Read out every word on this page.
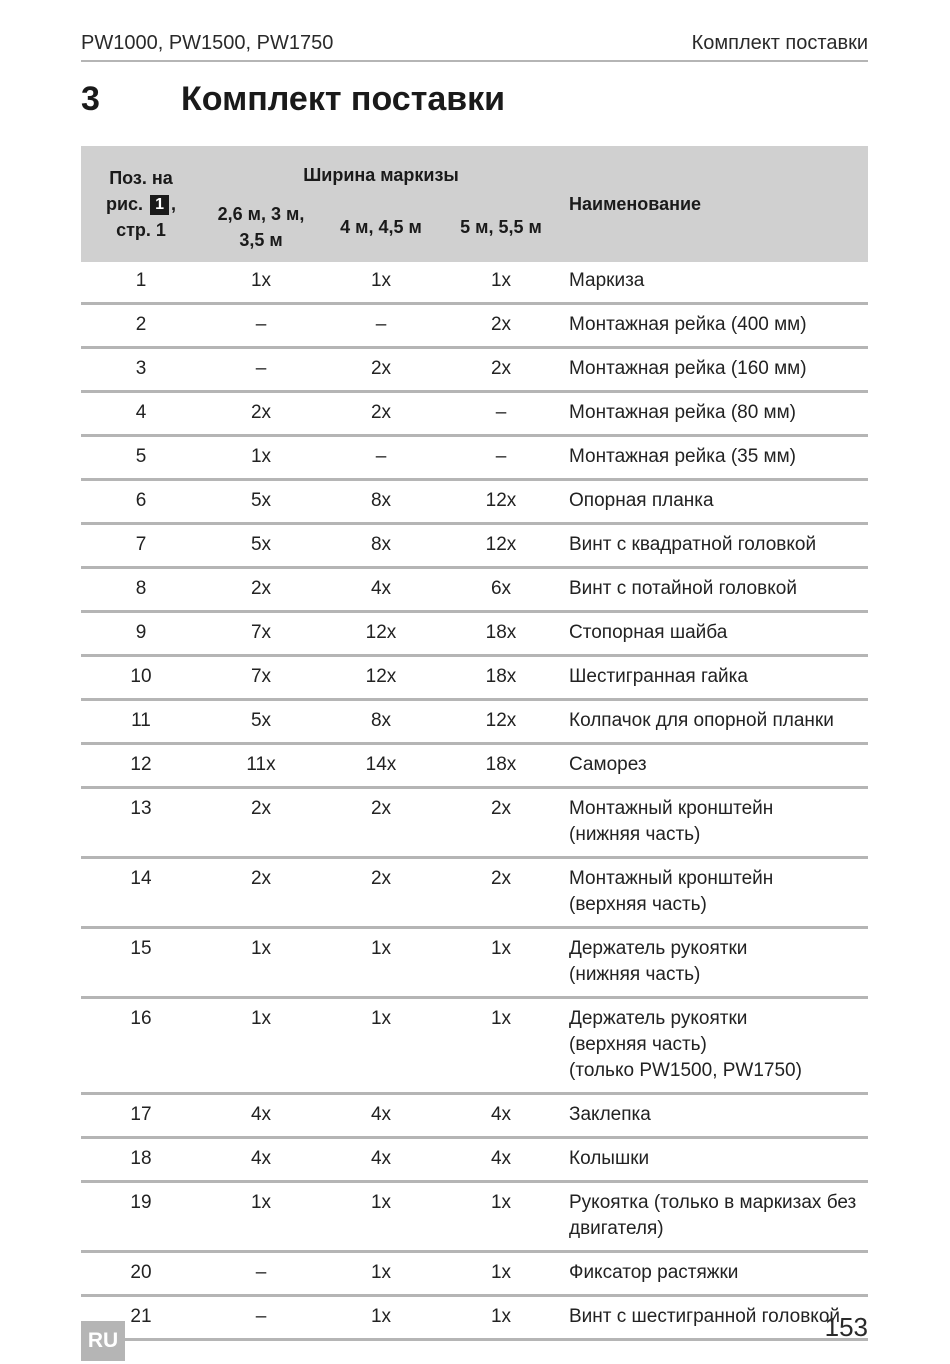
PW1000, PW1500, PW1750	Комплект поставки
3	Комплект поставки
Поз. на
рис. 1 ,
стр. 1	Ширина маркизы			Наименование
	2,6 м, 3 м,
3,5 м	4 м, 4,5 м	5 м, 5,5 м	
1	1x	1x	1x	Маркиза

2	–	–	2x	Монтажная рейка (400 мм)

3	–	2x	2x	Монтажная рейка (160 мм)

4	2x	2x	–	Монтажная рейка (80 мм)

5	1x	–	–	Монтажная рейка (35 мм)

6	5x	8x	12x	Опорная планка

7	5x	8x	12x	Винт с квадратной головкой

8	2x	4x	6x	Винт с потайной головкой

9	7x	12x	18x	Стопорная шайба

10	7x	12x	18x	Шестигранная гайка

11	5x	8x	12x	Колпачок для опорной планки

12	11x	14x	18x	Саморез

13	2x	2x	2x	Монтажный кронштейн
(нижняя часть)

14	2x	2x	2x	Монтажный кронштейн
(верхняя часть)

15	1x	1x	1x	Держатель рукоятки
(нижняя часть)

16	1x	1x	1x	Держатель рукоятки
(верхняя часть)
(только PW1500, PW1750)

17	4x	4x	4x	Заклепка

18	4x	4x	4x	Колышки

19	1x	1x	1x	Рукоятка (только в маркизах без
двигателя)

20	–	1x	1x	Фиксатор растяжки

21	–	1x	1x	Винт с шестигранной головкой
RU	153
